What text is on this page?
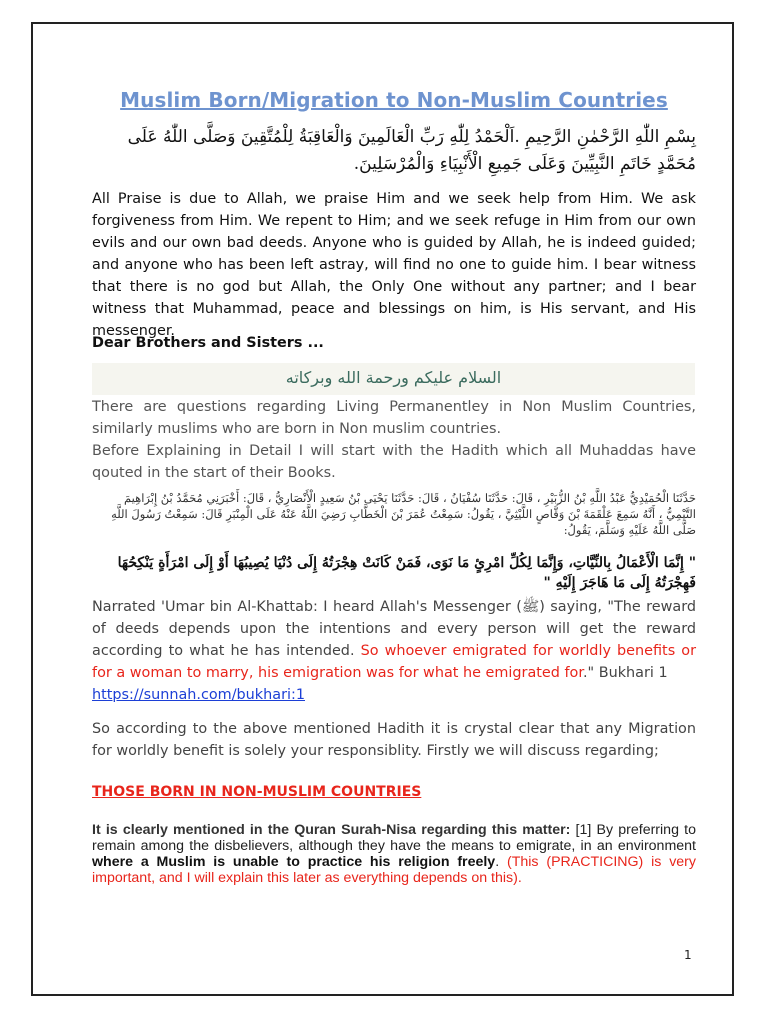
Muslim Born/Migration to Non-Muslim Countries
بِسْمِ اللّٰهِ الرَّحْمٰنِ الرَّحِيمِ .اَلْحَمْدُ لِلّٰهِ رَبِّ الْعَالَمِينَ وَالْعَاقِبَةُ لِلْمُتَّقِينَ وَصَلَّى اللّٰهُ عَلَى مُحَمَّدٍ خَاتَمِ النَّبِيِّينَ وَعَلَى جَمِيعِ الْأَنْبِيَاءِ وَالْمُرْسَلِينَ.
All Praise is due to Allah, we praise Him and we seek help from Him. We ask forgiveness from Him. We repent to Him; and we seek refuge in Him from our own evils and our own bad deeds. Anyone who is guided by Allah, he is indeed guided; and anyone who has been left astray, will find no one to guide him. I bear witness that there is no god but Allah, the Only One without any partner; and I bear witness that Muhammad, peace and blessings on him, is His servant, and His messenger.
Dear Brothers and Sisters ...
السلام عليكم ورحمة الله وبركاته
There are questions regarding Living Permanentley in Non Muslim Countries, similarly muslims who are born in Non muslim countries.
Before Explaining in Detail I will start with the Hadith which all Muhaddas have qouted in the start of their Books.
حَدَّثَنَا الْحُمَيْدِيُّ عَبْدُ اللَّهِ بْنُ الزُّبَيْرِ ، قَالَ: حَدَّثَنَا سُفْيَانُ ، قَالَ: حَدَّثَنَا يَحْيَى بْنُ سَعِيدٍ الْأَنْصَارِيُّ ، قَالَ: أَخْبَرَنِي مُحَمَّدُ بْنُ إِبْرَاهِيمَ التَّيْمِيُّ ، أَنَّهُ سَمِعَ عَلْقَمَةَ بْنَ وَقَّاصٍ اللَّيْثِيَّ ، يَقُولُ: سَمِعْتُ عُمَرَ بْنَ الْخَطَّابِ رَضِيَ اللَّهُ عَنْهُ عَلَى الْمِنْبَرِ قَالَ: سَمِعْتُ رَسُولَ اللَّهِ صَلَّى اللَّهُ عَلَيْهِ وَسَلَّمَ، يَقُولُ:
" إِنَّمَا الْأَعْمَالُ بِالنِّيَّاتِ، وَإِنَّمَا لِكُلِّ امْرِئٍ مَا نَوَى، فَمَنْ كَانَتْ هِجْرَتُهُ إِلَى دُنْيَا يُصِيبُهَا أَوْ إِلَى امْرَأَةٍ يَنْكِحُهَا فَهِجْرَتُهُ إِلَى مَا هَاجَرَ إِلَيْهِ "
Narrated 'Umar bin Al-Khattab: I heard Allah's Messenger (ﷺ) saying, "The reward of deeds depends upon the intentions and every person will get the reward according to what he has intended. So whoever emigrated for worldly benefits or for a woman to marry, his emigration was for what he emigrated for." Bukhari 1
https://sunnah.com/bukhari:1
So according to the above mentioned Hadith it is crystal clear that any Migration for worldly benefit is solely your responsiblity. Firstly we will discuss regarding;
THOSE BORN IN NON-MUSLIM COUNTRIES
It is clearly mentioned in the Quran Surah-Nisa regarding this matter: [1] By preferring to remain among the disbelievers, although they have the means to emigrate, in an environment where a Muslim is unable to practice his religion freely. (This (PRACTICING) is very important, and I will explain this later as everything depends on this).
1
